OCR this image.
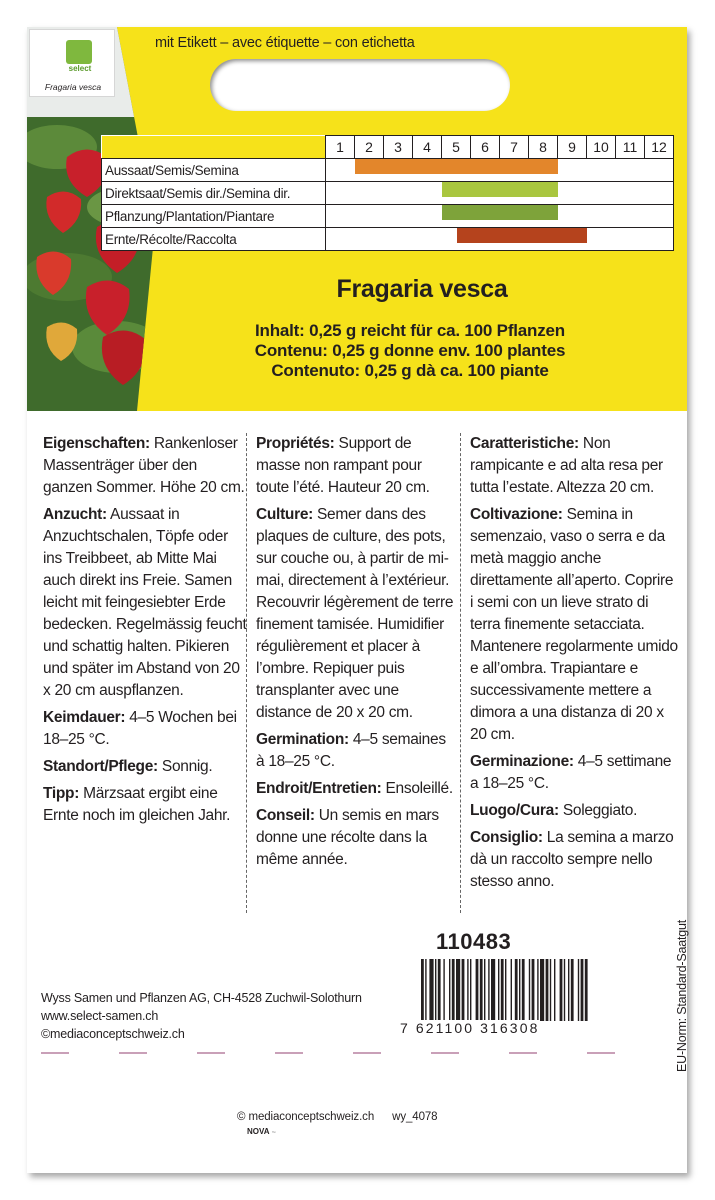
select
Fragaria vesca
mit Etikett – avec étiquette – con etichetta
	1	2	3	4	5	6	7	8	9	10	11	12
Aussaat/Semis/Semina												

Direktsaat/Semis dir./Semina dir.												

Pflanzung/Plantation/Piantare												

Ernte/Récolte/Raccolta												
Fragaria vesca
Inhalt: 0,25 g reicht für ca. 100 Pflanzen
Contenu: 0,25 g donne env. 100 plantes
Contenuto: 0,25 g dà ca. 100 piante

Eigenschaften: Rankenloser Massenträger über den ganzen Sommer. Höhe 20 cm.

Anzucht: Aussaat in Anzuchtschalen, Töpfe oder ins Treibbeet, ab Mitte Mai auch direkt ins Freie. Samen leicht mit feingesiebter Erde bedecken. Regelmässig feucht und schattig halten. Pikieren und später im Abstand von 20 x 20 cm auspflanzen.

Keimdauer: 4–5 Wochen bei 18–25 °C.

Standort/Pflege: Sonnig.

Tipp: Märzsaat ergibt eine Ernte noch im gleichen Jahr.

Propriétés: Support de masse non rampant pour toute l’été. Hauteur 20 cm.

Culture: Semer dans des plaques de culture, des pots, sur couche ou, à partir de mi-mai, directement à l’extérieur. Recouvrir légèrement de terre finement tamisée. Humidifier régulièrement et placer à l’ombre. Repiquer puis transplanter avec une distance de 20 x 20 cm.

Germination: 4–5 semaines à 18–25 °C.

Endroit/Entretien: Ensoleillé.

Conseil: Un semis en mars donne une récolte dans la même année.

Caratteristiche: Non rampicante e ad alta resa per tutta l’estate. Altezza 20 cm.

Coltivazione: Semina in semenzaio, vaso o serra e da metà maggio anche direttamente all’aperto. Coprire i semi con un lieve strato di terra finemente setacciata. Mantenere regolarmente umido e all’ombra. Trapiantare e successivamente mettere a dimora a una distanza di 20 x 20 cm.

Germinazione: 4–5 settimane a 18–25 °C.

Luogo/Cura: Soleggiato.

Consiglio: La semina a marzo dà un raccolto sempre nello stesso anno.

110483
7 621100 316308
Wyss Samen und Pflanzen AG, CH-4528 Zuchwil-Solothurn
www.select-samen.ch
©mediaconceptschweiz.ch	EU-Norm: Standard-Saatgut
© mediaconceptschweiz.ch wy_4078
NOVA ™
